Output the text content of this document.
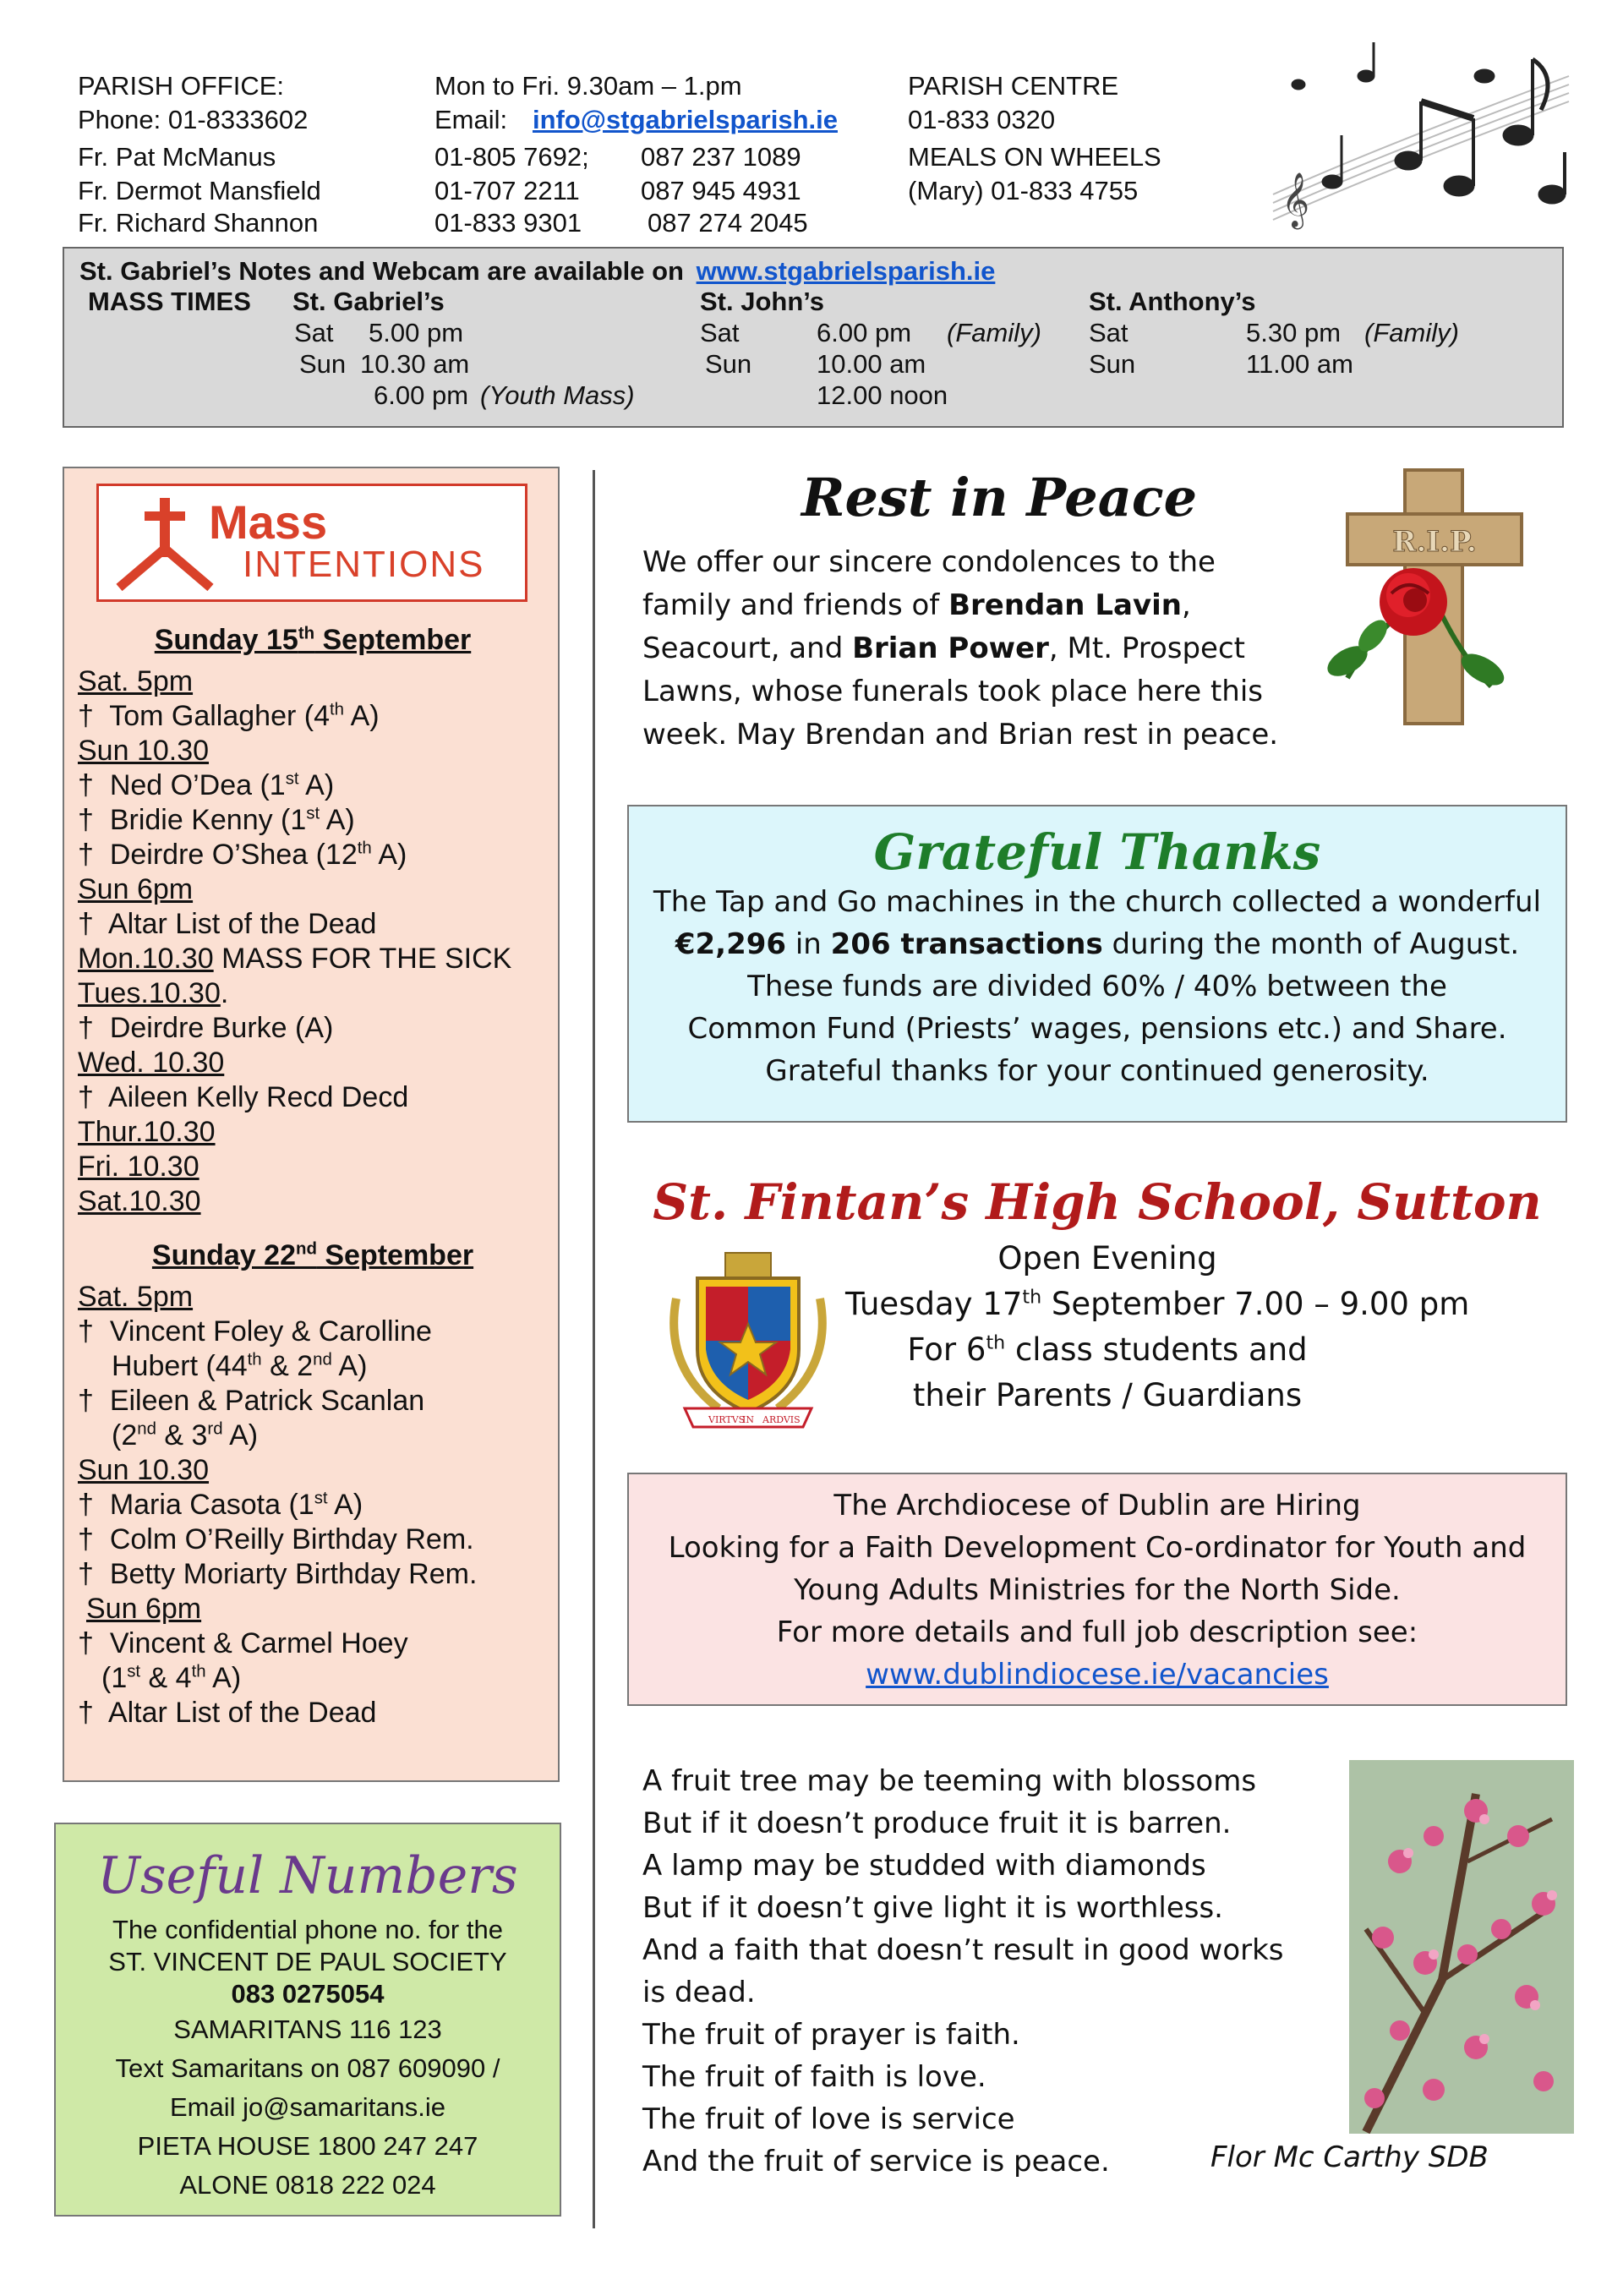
PARISH OFFICE:	Mon to Fri. 9.30am – 1.pm	PARISH CENTRE
Phone: 01-8333602	Email: info@stgabrielsparish.ie	01-833 0320
Fr. Pat McManus	01-805 7692; 087 237 1089	MEALS ON WHEELS
Fr. Dermot Mansfield	01-707 2211 087 945 4931	(Mary) 01-833 4755
Fr. Richard Shannon	01-833 9301	087 274 2045	𝄞
St. Gabriel’s Notes and Webcam are available on www.stgabrielsparish.ie
MASS TIMES St. Gabriel’s
Sat 5.00 pm
Sun 10.30 am
6.00 pm (Youth Mass)
St. John’s
Sat	6.00 pm (Family)
Sun 10.00 am
12.00 noon
St. Anthony’s
Sat	5.30 pm (Family)
Sun	11.00 am
Mass
INTENTIONS
Sunday 15th September
Sat. 5pm
† Tom Gallagher (4th A)
Sun 10.30
† Ned O’Dea (1st A)
† Bridie Kenny (1st A)
† Deirdre O’Shea (12th A)
Sun 6pm
† Altar List of the Dead
Mon.10.30 MASS FOR THE SICK
Tues.10.30.
† Deirdre Burke (A)
Wed. 10.30
† Aileen Kelly Recd Decd
Thur.10.30
Fri. 10.30
Sat.10.30
Sunday 22nd September
Sat. 5pm
† Vincent Foley & Carolline
Hubert (44th & 2nd A)
† Eileen & Patrick Scanlan
(2nd & 3rd A)
Sun 10.30
† Maria Casota (1st A)
† Colm O’Reilly Birthday Rem.
† Betty Moriarty Birthday Rem.
Sun 6pm
† Vincent & Carmel Hoey
(1st & 4th A)
† Altar List of the Dead
Useful Numbers
The confidential phone no. for the
ST. VINCENT DE PAUL SOCIETY
083 0275054
SAMARITANS 116 123
Text Samaritans on 087 609090 /
Email jo@samaritans.ie
PIETA HOUSE 1800 247 247
ALONE 0818 222 024
Rest in Peace
We offer our sincere condolences to the
family and friends of Brendan Lavin,
Seacourt, and Brian Power, Mt. Prospect
Lawns, whose funerals took place here this
week. May Brendan and Brian rest in peace.
R.I.P.
Grateful Thanks
The Tap and Go machines in the church collected a wonderful
€2,296 in 206 transactions during the month of August.
These funds are divided 60% / 40% between the
Common Fund (Priests’ wages, pensions etc.) and Share.
Grateful thanks for your continued generosity.
St. Fintan’s High School, Sutton
VIRTVS
IN ARDVIS
Open Evening
Tuesday 17th September 7.00 – 9.00 pm
For 6th class students and
their Parents / Guardians
The Archdiocese of Dublin are Hiring
Looking for a Faith Development Co-ordinator for Youth and
Young Adults Ministries for the North Side.
For more details and full job description see:
www.dublindiocese.ie/vacancies
A fruit tree may be teeming with blossoms
But if it doesn’t produce fruit it is barren.
A lamp may be studded with diamonds
But if it doesn’t give light it is worthless.
And a faith that doesn’t result in good works
is dead.
The fruit of prayer is faith.
The fruit of faith is love.
The fruit of love is service
And the fruit of service is peace.	Flor Mc Carthy SDB
